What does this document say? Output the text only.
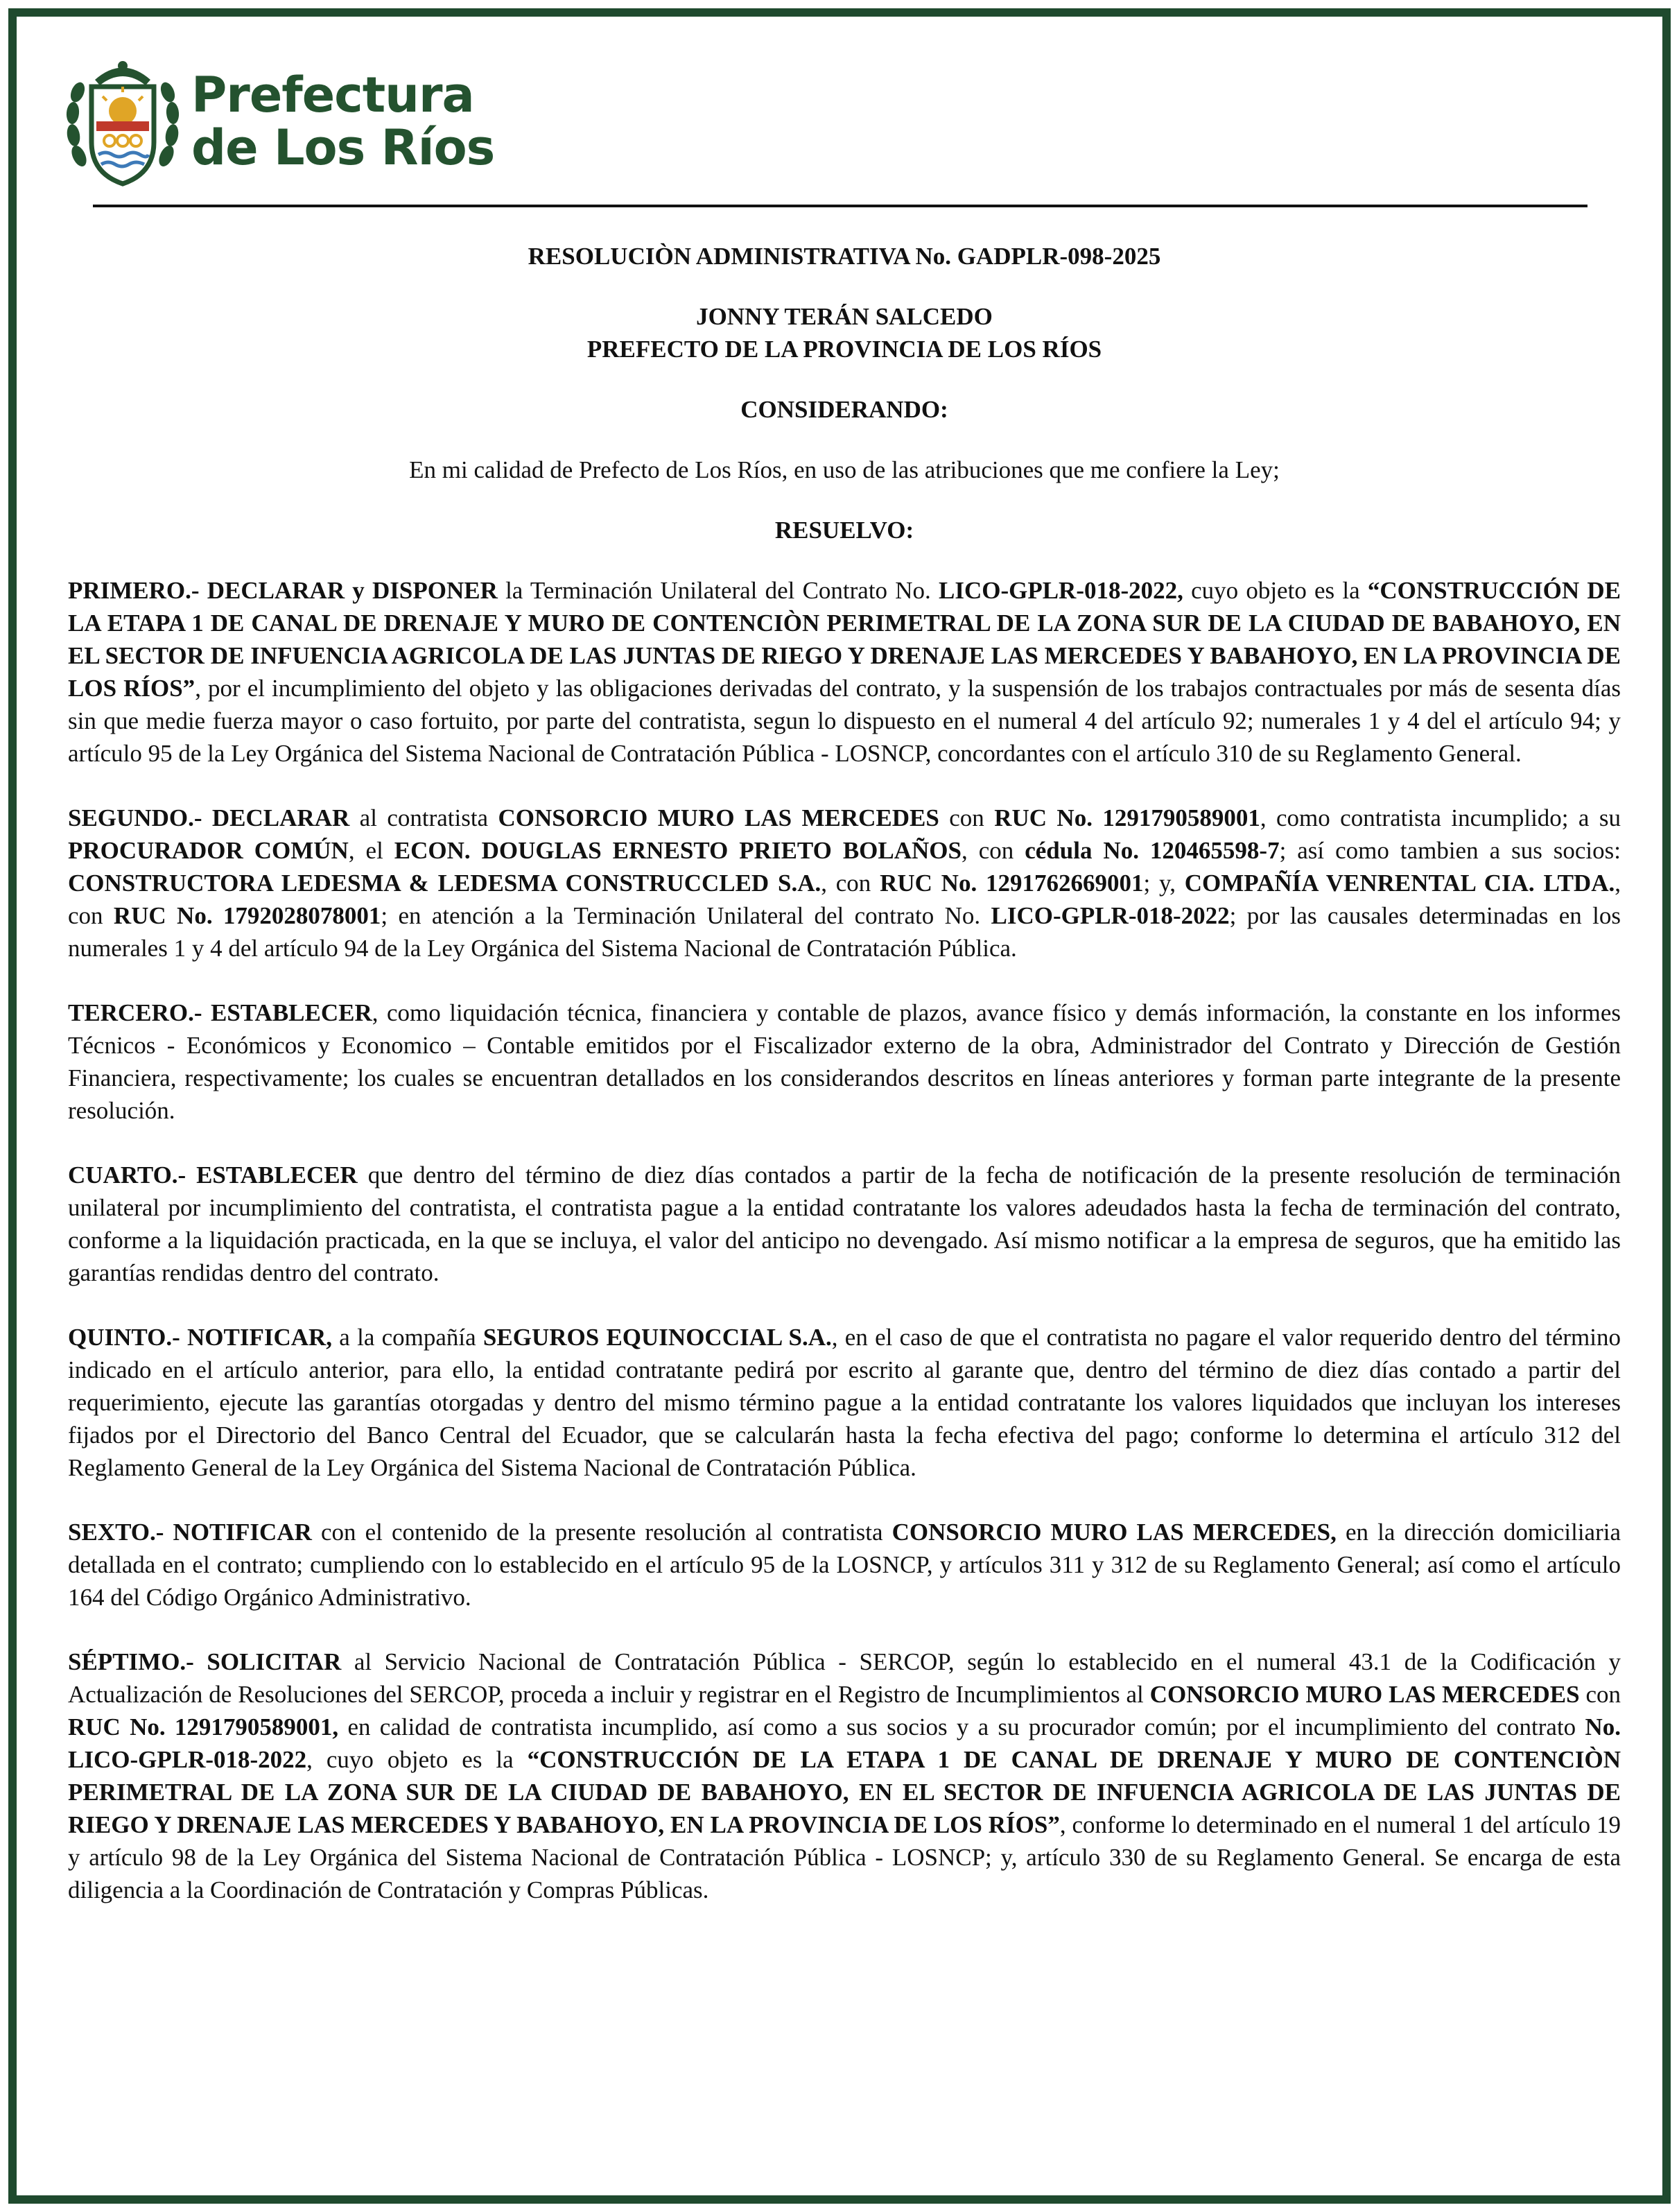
Prefectura
de Los Ríos

RESOLUCIÒN ADMINISTRATIVA No. GADPLR-098-2025

JONNY TERÁN SALCEDO

PREFECTO DE LA PROVINCIA DE LOS RÍOS

CONSIDERANDO:

En mi calidad de Prefecto de Los Ríos, en uso de las atribuciones que me confiere la Ley;

RESUELVO:

PRIMERO.- DECLARAR y DISPONER la Terminación Unilateral del Contrato No. LICO-GPLR-018-2022, cuyo objeto es la “CONSTRUCCIÓN DE LA ETAPA 1 DE CANAL DE DRENAJE Y MURO DE CONTENCIÒN PERIMETRAL DE LA ZONA SUR DE LA CIUDAD DE BABAHOYO, EN EL SECTOR DE INFUENCIA AGRICOLA DE LAS JUNTAS DE RIEGO Y DRENAJE LAS MERCEDES Y BABAHOYO, EN LA PROVINCIA DE LOS RÍOS”, por el incumplimiento del objeto y las obligaciones derivadas del contrato, y la suspensión de los trabajos contractuales por más de sesenta días sin que medie fuerza mayor o caso fortuito, por parte del contratista, segun lo dispuesto en el numeral 4 del artículo 92; numerales 1 y 4 del el artículo 94; y artículo 95 de la Ley Orgánica del Sistema Nacional de Contratación Pública - LOSNCP, concordantes con el artículo 310 de su Reglamento General.

SEGUNDO.- DECLARAR al contratista CONSORCIO MURO LAS MERCEDES con RUC No. 1291790589001, como contratista incumplido; a su PROCURADOR COMÚN, el ECON. DOUGLAS ERNESTO PRIETO BOLAÑOS, con cédula No. 120465598-7; así como tambien a sus socios: CONSTRUCTORA LEDESMA & LEDESMA CONSTRUCCLED S.A., con RUC No. 1291762669001; y, COMPAÑÍA VENRENTAL CIA. LTDA., con RUC No. 1792028078001; en atención a la Terminación Unilateral del contrato No. LICO-GPLR-018-2022; por las causales determinadas en los numerales 1 y 4 del artículo 94 de la Ley Orgánica del Sistema Nacional de Contratación Pública.

TERCERO.- ESTABLECER, como liquidación técnica, financiera y contable de plazos, avance físico y demás información, la constante en los informes Técnicos - Económicos y Economico – Contable emitidos por el Fiscalizador externo de la obra, Administrador del Contrato y Dirección de Gestión Financiera, respectivamente; los cuales se encuentran detallados en los considerandos descritos en líneas anteriores y forman parte integrante de la presente resolución.

CUARTO.- ESTABLECER que dentro del término de diez días contados a partir de la fecha de notificación de la presente resolución de terminación unilateral por incumplimiento del contratista, el contratista pague a la entidad contratante los valores adeudados hasta la fecha de terminación del contrato, conforme a la liquidación practicada, en la que se incluya, el valor del anticipo no devengado. Así mismo notificar a la empresa de seguros, que ha emitido las garantías rendidas dentro del contrato.

QUINTO.- NOTIFICAR, a la compañía SEGUROS EQUINOCCIAL S.A., en el caso de que el contratista no pagare el valor requerido dentro del término indicado en el artículo anterior, para ello, la entidad contratante pedirá por escrito al garante que, dentro del término de diez días contado a partir del requerimiento, ejecute las garantías otorgadas y dentro del mismo término pague a la entidad contratante los valores liquidados que incluyan los intereses fijados por el Directorio del Banco Central del Ecuador, que se calcularán hasta la fecha efectiva del pago; conforme lo determina el artículo 312 del Reglamento General de la Ley Orgánica del Sistema Nacional de Contratación Pública.

SEXTO.- NOTIFICAR con el contenido de la presente resolución al contratista CONSORCIO MURO LAS MERCEDES, en la dirección domiciliaria detallada en el contrato; cumpliendo con lo establecido en el artículo 95 de la LOSNCP, y artículos 311 y 312 de su Reglamento General; así como el artículo 164 del Código Orgánico Administrativo.

SÉPTIMO.- SOLICITAR al Servicio Nacional de Contratación Pública - SERCOP, según lo establecido en el numeral 43.1 de la Codificación y Actualización de Resoluciones del SERCOP, proceda a incluir y registrar en el Registro de Incumplimientos al CONSORCIO MURO LAS MERCEDES con RUC No. 1291790589001, en calidad de contratista incumplido, así como a sus socios y a su procurador común; por el incumplimiento del contrato No. LICO-GPLR-018-2022, cuyo objeto es la “CONSTRUCCIÓN DE LA ETAPA 1 DE CANAL DE DRENAJE Y MURO DE CONTENCIÒN PERIMETRAL DE LA ZONA SUR DE LA CIUDAD DE BABAHOYO, EN EL SECTOR DE INFUENCIA AGRICOLA DE LAS JUNTAS DE RIEGO Y DRENAJE LAS MERCEDES Y BABAHOYO, EN LA PROVINCIA DE LOS RÍOS”, conforme lo determinado en el numeral 1 del artículo 19 y artículo 98 de la Ley Orgánica del Sistema Nacional de Contratación Pública - LOSNCP; y, artículo 330 de su Reglamento General. Se encarga de esta diligencia a la Coordinación de Contratación y Compras Públicas.
